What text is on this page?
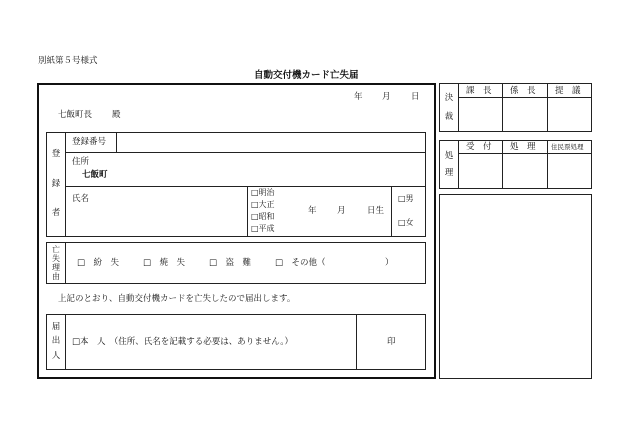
別紙第５号様式
自動交付機カード亡失届
年 月 日
七飯町長 殿
登
録
者
登録番号
住所
七飯町
氏名
□明治
□大正
□昭和
□平成
年 月	日生
□男
□女
亡
失
理
由
□　紛　失	□　焼　失	□　盗　難	□　その他（　　　　　　　）
上記のとおり、自動交付機カードを亡失したので届出します。
届
出
人
□本　人　（住所、氏名を記載する必要は、ありません。）	印
決
裁
課　長 係　長 提　議
処
理
受　付 処　理 住民票処理
